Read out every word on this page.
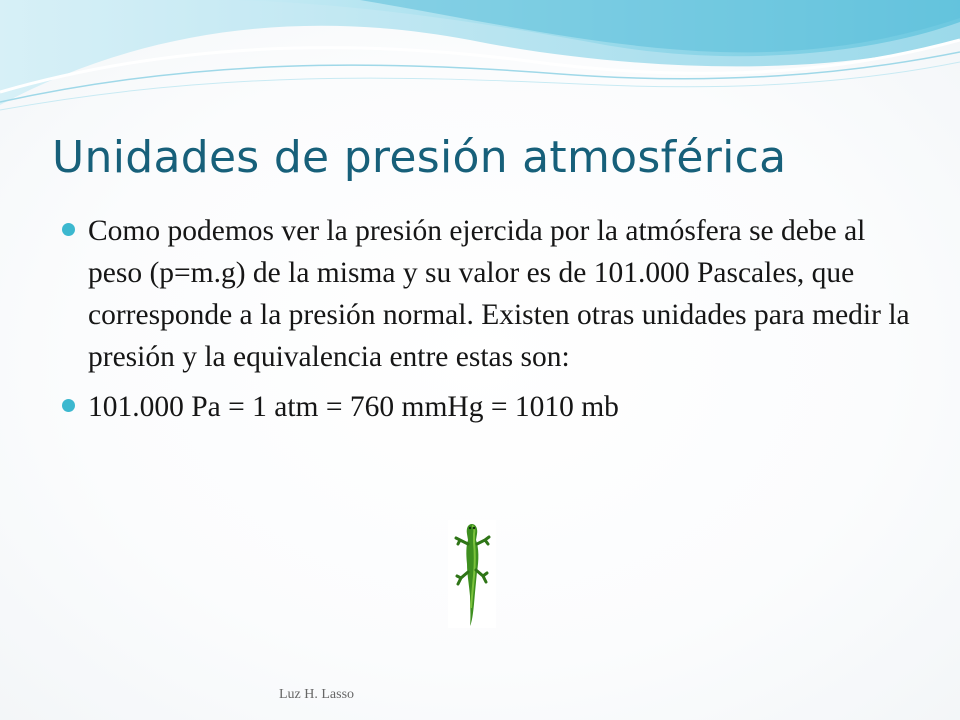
Unidades de presión atmosférica
Como podemos ver la presión ejercida por la atmósfera se debe al peso (p=m.g) de la misma y su valor es de 101.000 Pascales, que corresponde a la presión normal. Existen otras unidades para medir la presión y la equivalencia entre estas son:
101.000 Pa = 1 atm = 760 mmHg = 1010 mb
Luz H. Lasso
